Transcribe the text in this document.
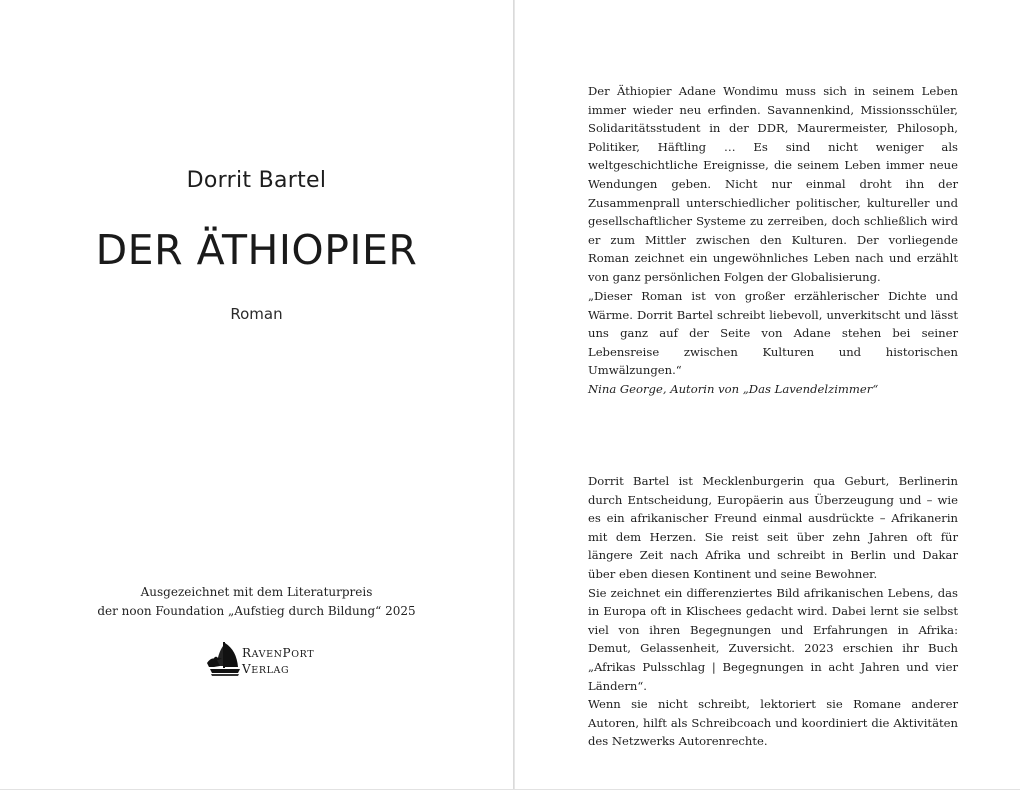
Dorrit Bartel
DER ÄTHIOPIER
Roman
Ausgezeichnet mit dem Literaturpreis
der noon Foundation „Aufstieg durch Bildung“ 2025
RAVENPORT
VERLAG

Der Äthiopier Adane Wondimu muss sich in seinem Leben immer wieder neu erfinden. Savannenkind, Missionsschüler, Solidaritätsstudent in der DDR, Maurermeister, Philosoph, Politiker, Häftling … Es sind nicht weniger als weltgeschichtliche Ereignisse, die seinem Leben immer neue Wendungen geben. Nicht nur einmal droht ihn der Zusammenprall unterschiedlicher politischer, kultureller und gesellschaftlicher Systeme zu zerreiben, doch schließlich wird er zum Mittler zwischen den Kulturen. Der vorliegende Roman zeichnet ein ungewöhnliches Leben nach und erzählt von ganz persönlichen Folgen der Globalisierung.

„Dieser Roman ist von großer erzählerischer Dichte und Wärme. Dorrit Bartel schreibt liebevoll, unverkitscht und lässt uns ganz auf der Seite von Adane stehen bei seiner Lebensreise zwischen Kulturen und historischen Umwälzungen.“

Nina George, Autorin von „Das Lavendelzimmer“

Dorrit Bartel ist Mecklenburgerin qua Geburt, Berlinerin durch Entscheidung, Europäerin aus Überzeugung und – wie es ein afrikanischer Freund einmal ausdrückte – Afrikanerin mit dem Herzen. Sie reist seit über zehn Jahren oft für längere Zeit nach Afrika und schreibt in Berlin und Dakar über eben diesen Kontinent und seine Bewohner.

Sie zeichnet ein differenziertes Bild afrikanischen Lebens, das in Europa oft in Klischees gedacht wird. Dabei lernt sie selbst viel von ihren Begegnungen und Erfahrungen in Afrika: Demut, Gelassenheit, Zuversicht. 2023 erschien ihr Buch „Afrikas Pulsschlag | Begegnungen in acht Jahren und vier Ländern“.

Wenn sie nicht schreibt, lektoriert sie Romane anderer Autoren, hilft als Schreibcoach und koordiniert die Aktivitäten des Netzwerks Autorenrechte.
